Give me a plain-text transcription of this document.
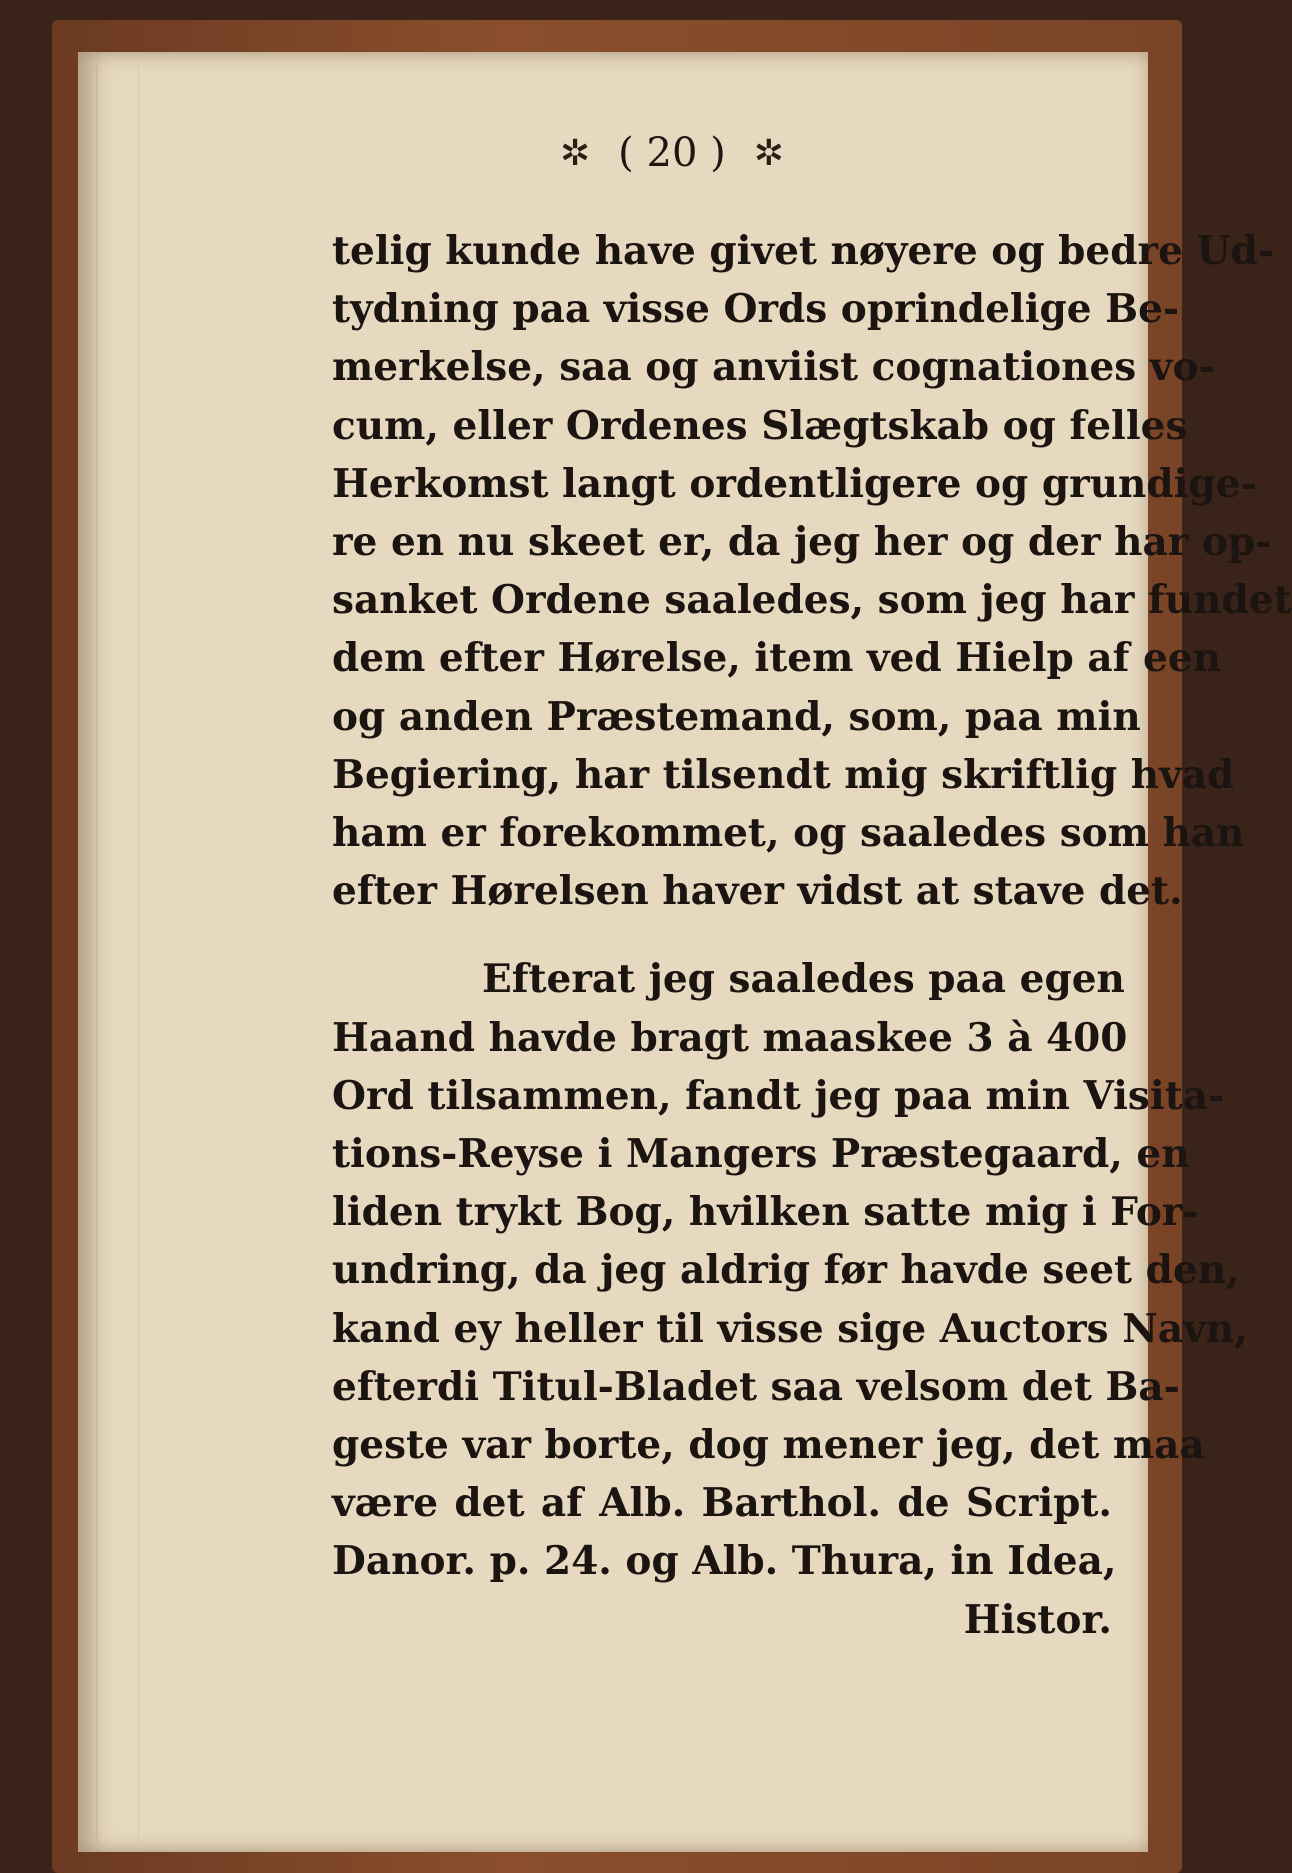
✲ ( 20 ) ✲
telig kunde have givet nøyere og bedre Ud-
tydning paa visse Ords oprindelige Be-
merkelse, saa og anviist cognationes vo-
cum, eller Ordenes Slægtskab og felles
Herkomst langt ordentligere og grundige-
re en nu skeet er, da jeg her og der har op-
sanket Ordene saaledes, som jeg har fundet
dem efter Hørelse, item ved Hielp af een
og anden Præstemand, som, paa min
Begiering, har tilsendt mig skriftlig hvad
ham er forekommet, og saaledes som han
efter Hørelsen haver vidst at stave det.
Efterat jeg saaledes paa egen
Haand havde bragt maaskee 3 à 400
Ord tilsammen, fandt jeg paa min Visita-
tions-Reyse i Mangers Præstegaard, en
liden trykt Bog, hvilken satte mig i For-
undring, da jeg aldrig før havde seet den,
kand ey heller til visse sige Auctors Navn,
efterdi Titul-Bladet saa velsom det Ba-
geste var borte, dog mener jeg, det maa
være det af Alb. Barthol. de Script.
Danor. p. 24. og Alb. Thura, in Idea,
Histor.
